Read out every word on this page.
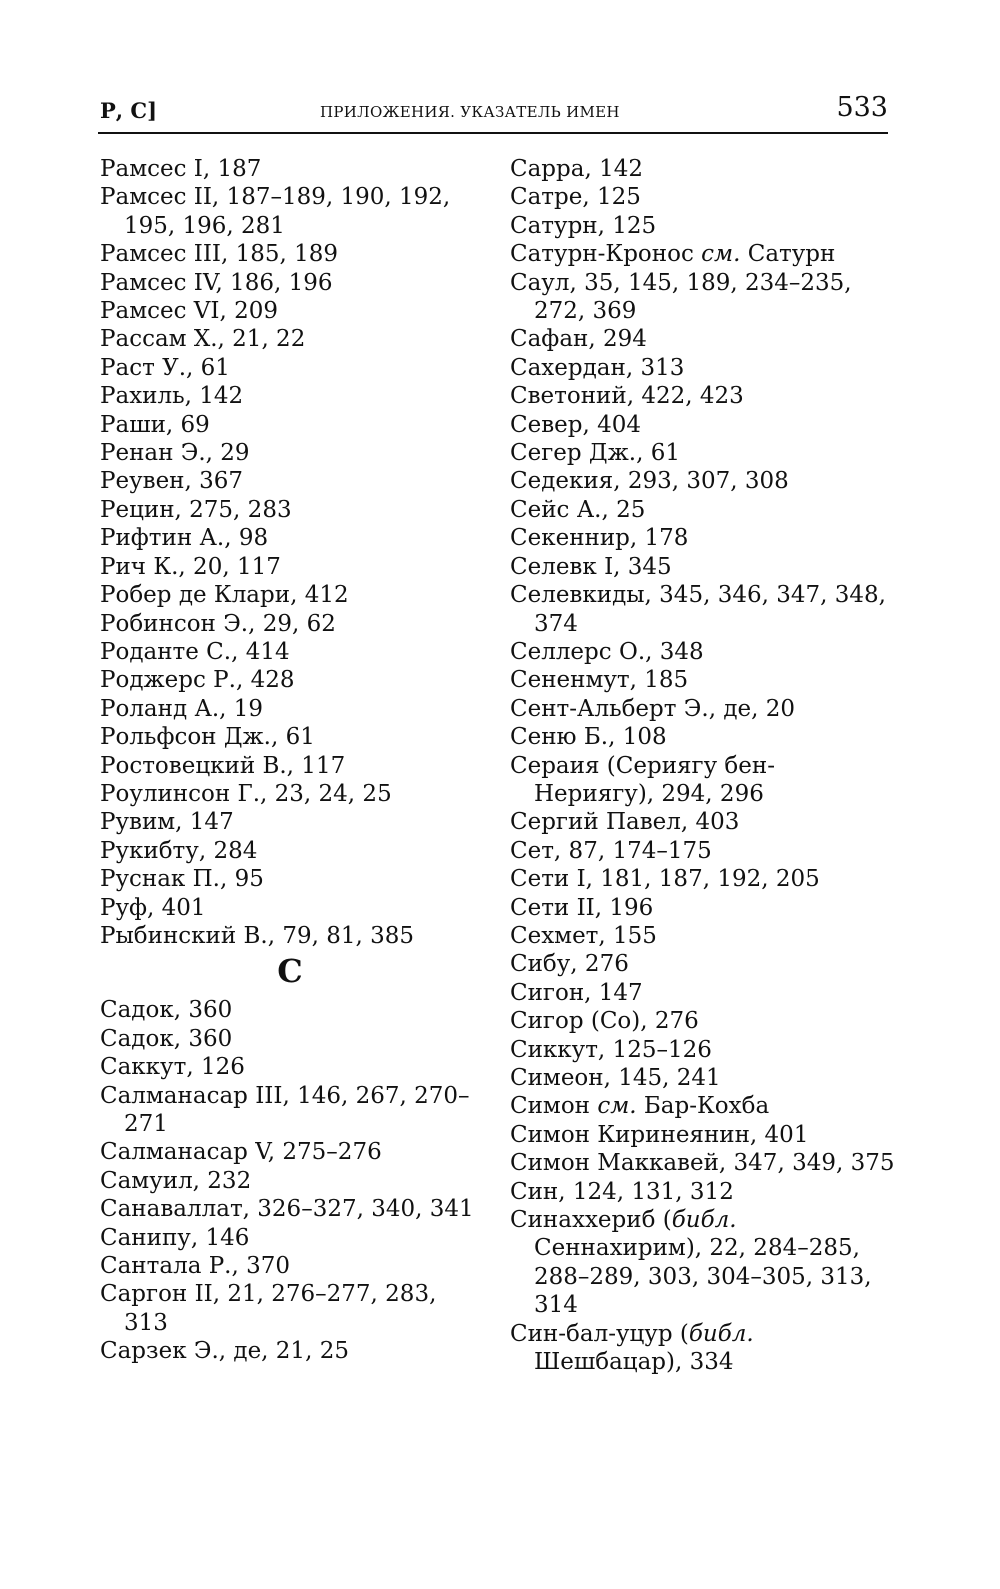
Р, С]	ПРИЛОЖЕНИЯ. УКАЗАТЕЛЬ ИМЕН	533
Рамсес I, 187
Рамсес II, 187–189, 190, 192, 195, 196, 281
Рамсес III, 185, 189
Рамсес IV, 186, 196
Рамсес VI, 209
Рассам Х., 21, 22
Раст У., 61
Рахиль, 142
Раши, 69
Ренан Э., 29
Реувен, 367
Рецин, 275, 283
Рифтин А., 98
Рич К., 20, 117
Робер де Клари, 412
Робинсон Э., 29, 62
Роданте С., 414
Роджерс Р., 428
Роланд А., 19
Рольфсон Дж., 61
Ростовецкий В., 117
Роулинсон Г., 23, 24, 25
Рувим, 147
Рукибту, 284
Руснак П., 95
Руф, 401
Рыбинский В., 79, 81, 385
С
Садок, 360
Садок, 360
Саккут, 126
Салманасар III, 146, 267, 270–271
Салманасар V, 275–276
Самуил, 232
Санаваллат, 326–327, 340, 341
Санипу, 146
Сантала Р., 370
Саргон II, 21, 276–277, 283, 313
Сарзек Э., де, 21, 25
Сарра, 142
Сатре, 125
Сатурн, 125
Сатурн-Кронос см. Сатурн
Саул, 35, 145, 189, 234–235, 272, 369
Сафан, 294
Сахердан, 313
Светоний, 422, 423
Север, 404
Сегер Дж., 61
Седекия, 293, 307, 308
Сейс А., 25
Секеннир, 178
Селевк I, 345
Селевкиды, 345, 346, 347, 348, 374
Селлерс О., 348
Сененмут, 185
Сент-Альберт Э., де, 20
Сеню Б., 108
Сераия (Сериягу бен-Нериягу), 294, 296
Сергий Павел, 403
Сет, 87, 174–175
Сети I, 181, 187, 192, 205
Сети II, 196
Сехмет, 155
Сибу, 276
Сигон, 147
Сигор (Со), 276
Сиккут, 125–126
Симеон, 145, 241
Симон см. Бар-Кохба
Симон Киринеянин, 401
Симон Маккавей, 347, 349, 375
Син, 124, 131, 312
Синаххериб (библ. Сеннахирим), 22, 284–285, 288–289, 303, 304–305, 313, 314
Син-бал-уцур (библ. Шешбацар), 334
